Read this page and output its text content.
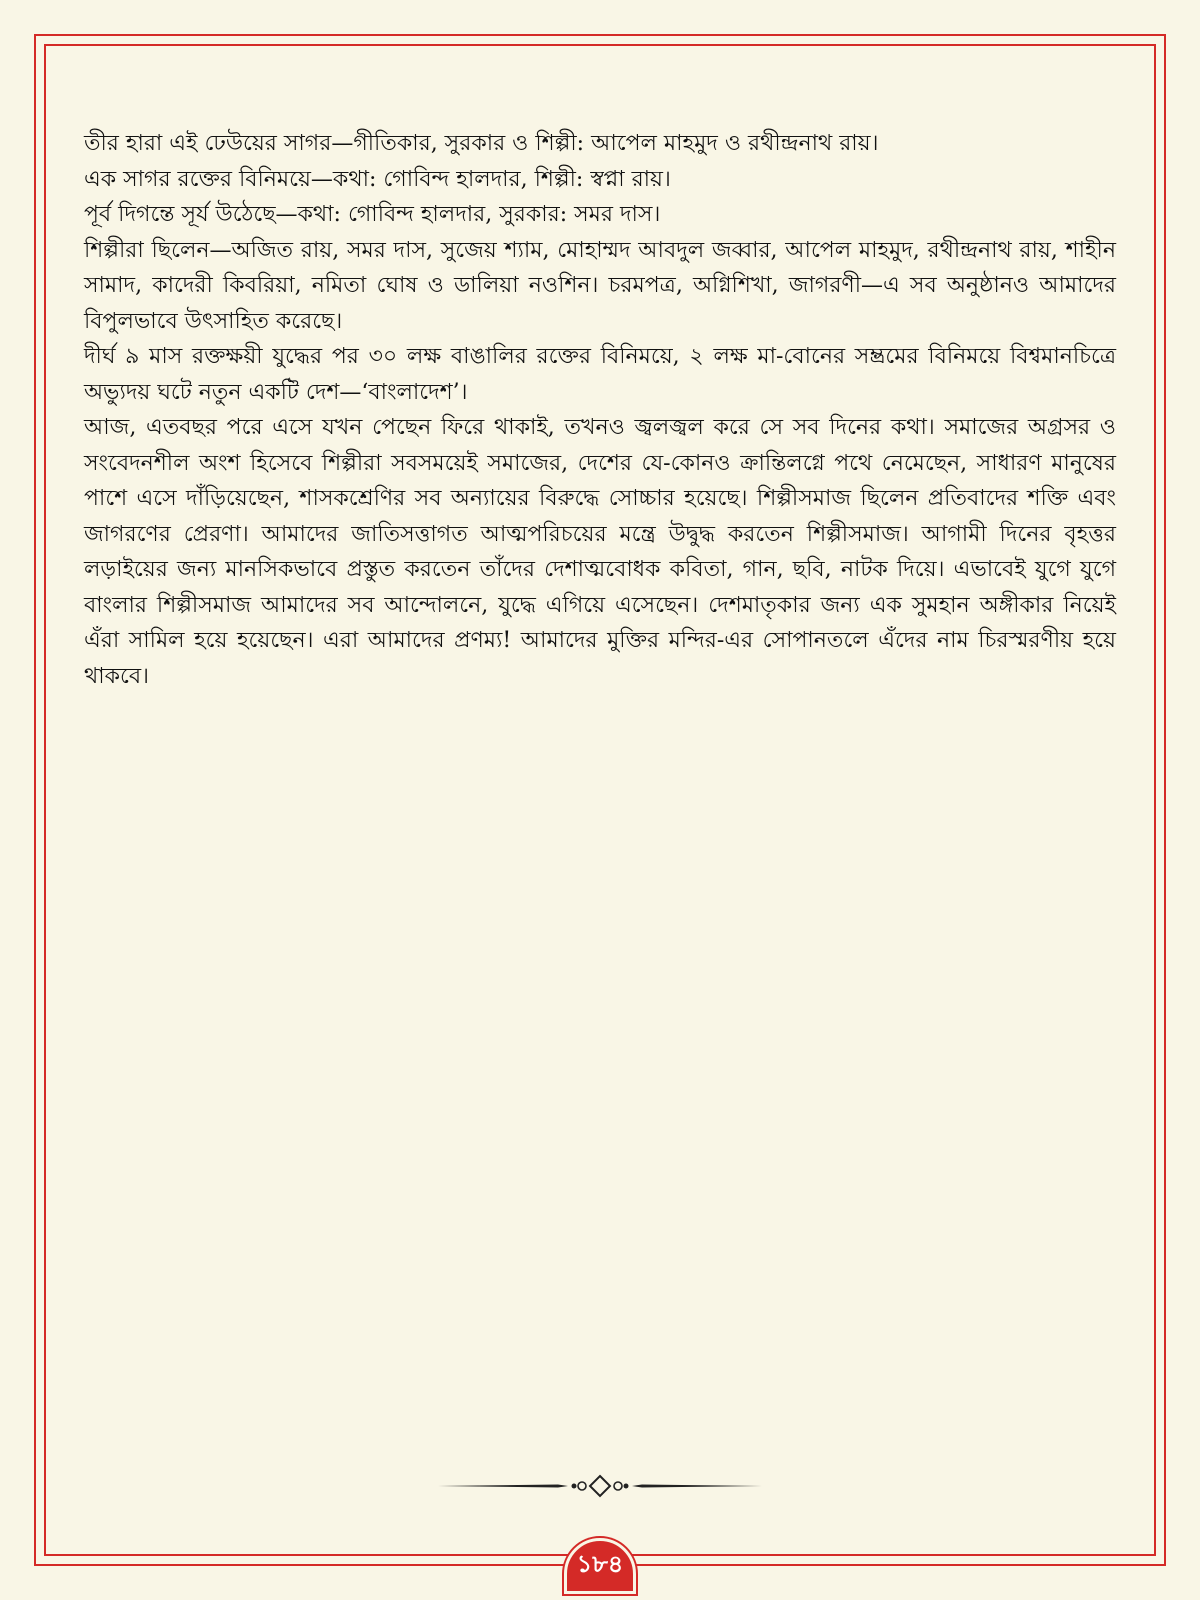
তীর হারা এই ঢেউয়ের সাগর—গীতিকার, সুরকার ও শিল্পী: আপেল মাহমুদ ও রথীন্দ্রনাথ রায়।

এক সাগর রক্তের বিনিময়ে—কথা: গোবিন্দ হালদার, শিল্পী: স্বপ্না রায়।

পূর্ব দিগন্তে সূর্য উঠেছে—কথা: গোবিন্দ হালদার, সুরকার: সমর দাস।

শিল্পীরা ছিলেন—অজিত রায়, সমর দাস, সুজেয় শ্যাম, মোহাম্মদ আবদুল জব্বার, আপেল মাহমুদ, রথীন্দ্রনাথ রায়, শাহীন সামাদ, কাদেরী কিবরিয়া, নমিতা ঘোষ ও ডালিয়া নওশিন। চরমপত্র, অগ্নিশিখা, জাগরণী—এ সব অনুষ্ঠানও আমাদের বিপুলভাবে উৎসাহিত করেছে।

দীর্ঘ ৯ মাস রক্তক্ষয়ী যুদ্ধের পর ৩০ লক্ষ বাঙালির রক্তের বিনিময়ে, ২ লক্ষ মা-বোনের সম্ভ্রমের বিনিময়ে বিশ্বমানচিত্রে অভ্যুদয় ঘটে নতুন একটি দেশ—‘বাংলাদেশ’।

আজ, এতবছর পরে এসে যখন পেছেন ফিরে থাকাই, তখনও জ্বলজ্বল করে সে সব দিনের কথা। সমাজের অগ্রসর ও সংবেদনশীল অংশ হিসেবে শিল্পীরা সবসময়েই সমাজের, দেশের যে-কোনও ক্রান্তিলগ্নে পথে নেমেছেন, সাধারণ মানুষের পাশে এসে দাঁড়িয়েছেন, শাসকশ্রেণির সব অন্যায়ের বিরুদ্ধে সোচ্চার হয়েছে। শিল্পীসমাজ ছিলেন প্রতিবাদের শক্তি এবং জাগরণের প্রেরণা। আমাদের জাতিসত্তাগত আত্মপরিচয়ের মন্ত্রে উদ্বুদ্ধ করতেন শিল্পীসমাজ। আগামী দিনের বৃহত্তর লড়াইয়ের জন্য মানসিকভাবে প্রস্তুত করতেন তাঁদের দেশাত্মবোধক কবিতা, গান, ছবি, নাটক দিয়ে। এভাবেই যুগে যুগে বাংলার শিল্পীসমাজ আমাদের সব আন্দোলনে, যুদ্ধে এগিয়ে এসেছেন। দেশমাতৃকার জন্য এক সুমহান অঙ্গীকার নিয়েই এঁরা সামিল হয়ে হয়েছেন। এরা আমাদের প্রণম্য! আমাদের মুক্তির মন্দির-এর সোপানতলে এঁদের নাম চিরস্মরণীয় হয়ে থাকবে।

১৮৪
